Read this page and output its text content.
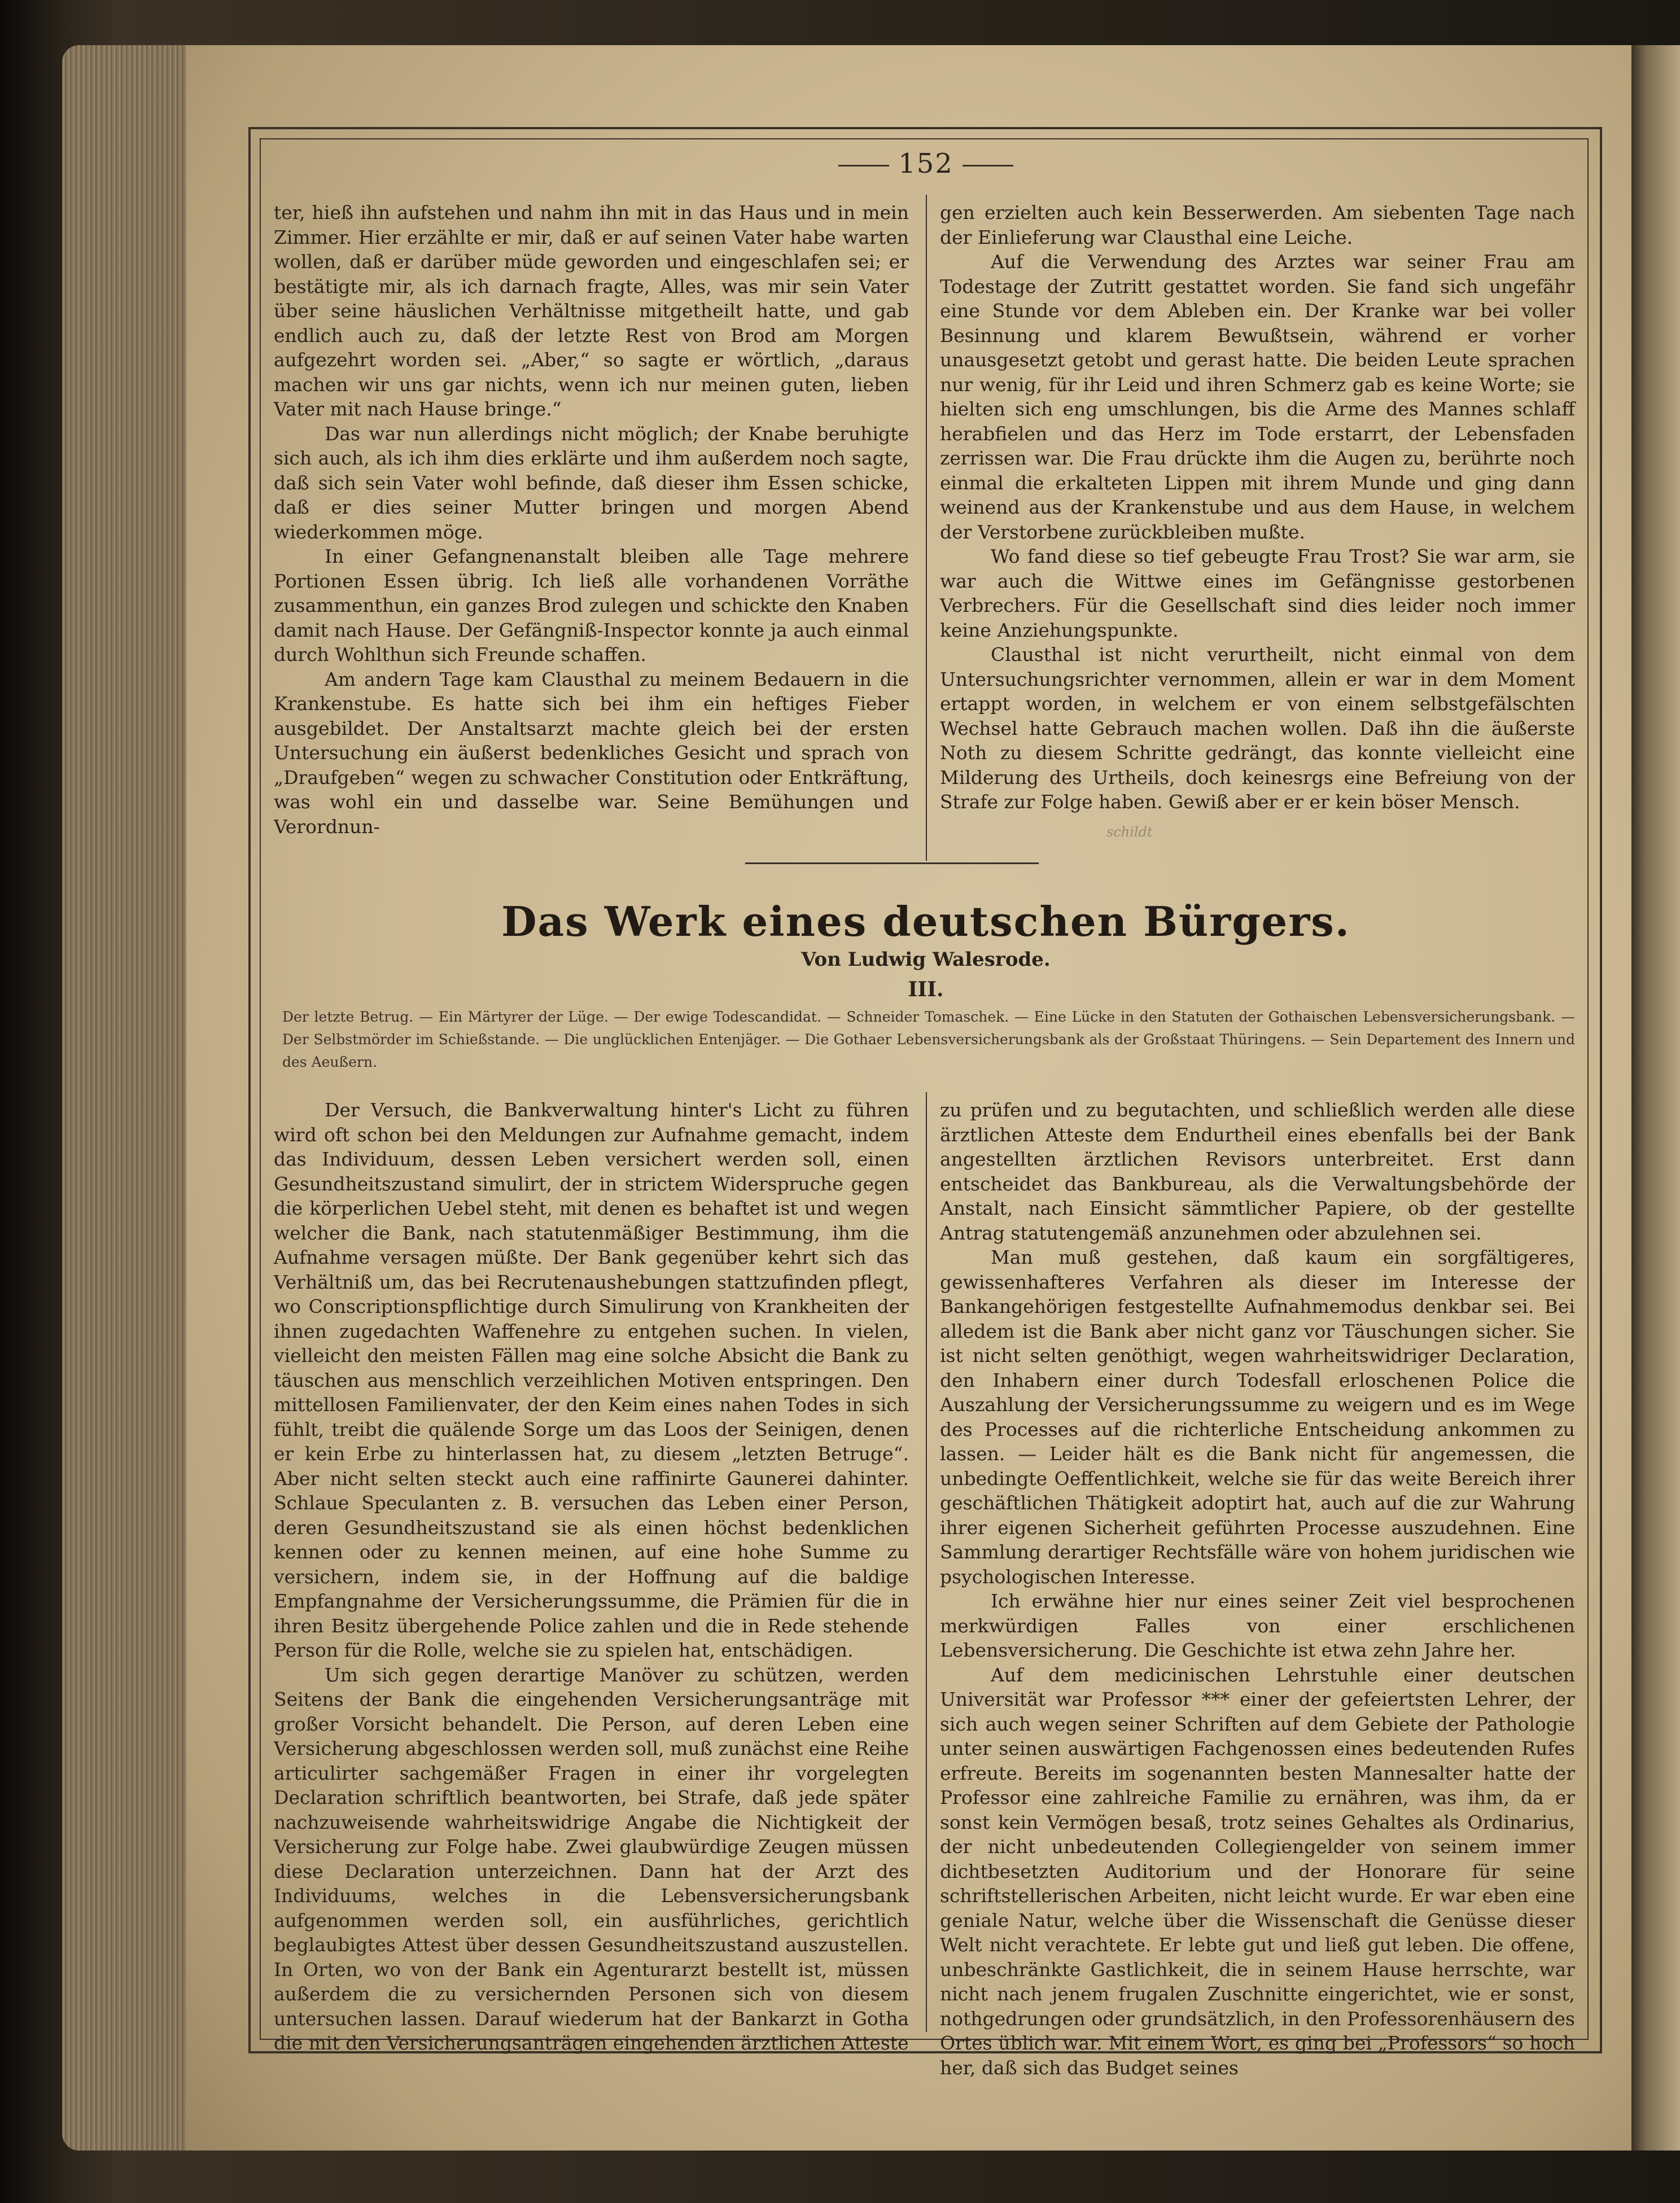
152

ter, hieß ihn aufstehen und nahm ihn mit in das Haus und in mein Zimmer. Hier erzählte er mir, daß er auf seinen Vater habe warten wollen, daß er darüber müde geworden und eingeschlafen sei; er bestätigte mir, als ich darnach fragte, Alles, was mir sein Vater über seine häuslichen Verhältnisse mitgetheilt hatte, und gab endlich auch zu, daß der letzte Rest von Brod am Morgen aufgezehrt worden sei. „Aber,“ so sagte er wörtlich, „daraus machen wir uns gar nichts, wenn ich nur meinen guten, lieben Vater mit nach Hause bringe.“

Das war nun allerdings nicht möglich; der Knabe beruhigte sich auch, als ich ihm dies erklärte und ihm außerdem noch sagte, daß sich sein Vater wohl befinde, daß dieser ihm Essen schicke, daß er dies seiner Mutter bringen und morgen Abend wiederkommen möge.

In einer Gefangnenanstalt bleiben alle Tage mehrere Portionen Essen übrig. Ich ließ alle vorhandenen Vorräthe zusammenthun, ein ganzes Brod zulegen und schickte den Knaben damit nach Hause. Der Gefängniß-Inspector konnte ja auch einmal durch Wohlthun sich Freunde schaffen.

Am andern Tage kam Clausthal zu meinem Bedauern in die Krankenstube. Es hatte sich bei ihm ein heftiges Fieber ausgebildet. Der Anstaltsarzt machte gleich bei der ersten Untersuchung ein äußerst bedenkliches Gesicht und sprach von „Draufgeben“ wegen zu schwacher Constitution oder Entkräftung, was wohl ein und dasselbe war. Seine Bemühungen und Verordnun-

gen erzielten auch kein Besserwerden. Am siebenten Tage nach der Einlieferung war Clausthal eine Leiche.

Auf die Verwendung des Arztes war seiner Frau am Todestage der Zutritt gestattet worden. Sie fand sich ungefähr eine Stunde vor dem Ableben ein. Der Kranke war bei voller Besinnung und klarem Bewußtsein, während er vorher unausgesetzt getobt und gerast hatte. Die beiden Leute sprachen nur wenig, für ihr Leid und ihren Schmerz gab es keine Worte; sie hielten sich eng umschlungen, bis die Arme des Mannes schlaff herabfielen und das Herz im Tode erstarrt, der Lebensfaden zerrissen war. Die Frau drückte ihm die Augen zu, berührte noch einmal die erkalteten Lippen mit ihrem Munde und ging dann weinend aus der Krankenstube und aus dem Hause, in welchem der Verstorbene zurückbleiben mußte.

Wo fand diese so tief gebeugte Frau Trost? Sie war arm, sie war auch die Wittwe eines im Gefängnisse gestorbenen Verbrechers. Für die Gesellschaft sind dies leider noch immer keine Anziehungspunkte.

Clausthal ist nicht verurtheilt, nicht einmal von dem Untersuchungsrichter vernommen, allein er war in dem Moment ertappt worden, in welchem er von einem selbstgefälschten Wechsel hatte Gebrauch machen wollen. Daß ihn die äußerste Noth zu diesem Schritte gedrängt, das konnte vielleicht eine Milderung des Urtheils, doch keinesrgs eine Befreiung von der Strafe zur Folge haben. Gewiß aber er er kein böser Mensch.

schildt
Das Werk eines deutschen Bürgers.
Von Ludwig Walesrode.
III.
Der letzte Betrug. — Ein Märtyrer der Lüge. — Der ewige Todescandidat. — Schneider Tomaschek. — Eine Lücke in den Statuten der Gothaischen Lebensversicherungsbank. — Der Selbstmörder im Schießstande. — Die unglücklichen Entenjäger. — Die Gothaer Lebensversicherungsbank als der Großstaat Thüringens. — Sein Departement des Innern und des Aeußern.

Der Versuch, die Bankverwaltung hinter's Licht zu führen wird oft schon bei den Meldungen zur Aufnahme gemacht, indem das Individuum, dessen Leben versichert werden soll, einen Gesundheitszustand simulirt, der in strictem Widerspruche gegen die körperlichen Uebel steht, mit denen es behaftet ist und wegen welcher die Bank, nach statutenmäßiger Bestimmung, ihm die Aufnahme versagen müßte. Der Bank gegenüber kehrt sich das Verhältniß um, das bei Recrutenaushebungen stattzufinden pflegt, wo Conscriptionspflichtige durch Simulirung von Krankheiten der ihnen zugedachten Waffenehre zu entgehen suchen. In vielen, vielleicht den meisten Fällen mag eine solche Absicht die Bank zu täuschen aus menschlich verzeihlichen Motiven entspringen. Den mittellosen Familienvater, der den Keim eines nahen Todes in sich fühlt, treibt die quälende Sorge um das Loos der Seinigen, denen er kein Erbe zu hinterlassen hat, zu diesem „letzten Betruge“. Aber nicht selten steckt auch eine raffinirte Gaunerei dahinter. Schlaue Speculanten z. B. versuchen das Leben einer Person, deren Gesundheitszustand sie als einen höchst bedenklichen kennen oder zu kennen meinen, auf eine hohe Summe zu versichern, indem sie, in der Hoffnung auf die baldige Empfangnahme der Versicherungssumme, die Prämien für die in ihren Besitz übergehende Police zahlen und die in Rede stehende Person für die Rolle, welche sie zu spielen hat, entschädigen.

Um sich gegen derartige Manöver zu schützen, werden Seitens der Bank die eingehenden Versicherungsanträge mit großer Vorsicht behandelt. Die Person, auf deren Leben eine Versicherung abgeschlossen werden soll, muß zunächst eine Reihe articulirter sachgemäßer Fragen in einer ihr vorgelegten Declaration schriftlich beantworten, bei Strafe, daß jede später nachzuweisende wahrheitswidrige Angabe die Nichtigkeit der Versicherung zur Folge habe. Zwei glaubwürdige Zeugen müssen diese Declaration unterzeichnen. Dann hat der Arzt des Individuums, welches in die Lebensversicherungsbank aufgenommen werden soll, ein ausführliches, gerichtlich beglaubigtes Attest über dessen Gesundheitszustand auszustellen. In Orten, wo von der Bank ein Agenturarzt bestellt ist, müssen außerdem die zu versichernden Personen sich von diesem untersuchen lassen. Darauf wiederum hat der Bankarzt in Gotha die mit den Versicherungsanträgen eingehenden ärztlichen Atteste

zu prüfen und zu begutachten, und schließlich werden alle diese ärztlichen Atteste dem Endurtheil eines ebenfalls bei der Bank angestellten ärztlichen Revisors unterbreitet. Erst dann entscheidet das Bankbureau, als die Verwaltungsbehörde der Anstalt, nach Einsicht sämmtlicher Papiere, ob der gestellte Antrag statutengemäß anzunehmen oder abzulehnen sei.

Man muß gestehen, daß kaum ein sorgfältigeres, gewissenhafteres Verfahren als dieser im Interesse der Bankangehörigen festgestellte Aufnahmemodus denkbar sei. Bei alledem ist die Bank aber nicht ganz vor Täuschungen sicher. Sie ist nicht selten genöthigt, wegen wahrheitswidriger Declaration, den Inhabern einer durch Todesfall erloschenen Police die Auszahlung der Versicherungssumme zu weigern und es im Wege des Processes auf die richterliche Entscheidung ankommen zu lassen. — Leider hält es die Bank nicht für angemessen, die unbedingte Oeffentlichkeit, welche sie für das weite Bereich ihrer geschäftlichen Thätigkeit adoptirt hat, auch auf die zur Wahrung ihrer eigenen Sicherheit geführten Processe auszudehnen. Eine Sammlung derartiger Rechtsfälle wäre von hohem juridischen wie psychologischen Interesse.

Ich erwähne hier nur eines seiner Zeit viel besprochenen merkwürdigen Falles von einer erschlichenen Lebensversicherung. Die Geschichte ist etwa zehn Jahre her.

Auf dem medicinischen Lehrstuhle einer deutschen Universität war Professor *** einer der gefeiertsten Lehrer, der sich auch wegen seiner Schriften auf dem Gebiete der Pathologie unter seinen auswärtigen Fachgenossen eines bedeutenden Rufes erfreute. Bereits im sogenannten besten Mannesalter hatte der Professor eine zahlreiche Familie zu ernähren, was ihm, da er sonst kein Vermögen besaß, trotz seines Gehaltes als Ordinarius, der nicht unbedeutenden Collegiengelder von seinem immer dichtbesetzten Auditorium und der Honorare für seine schriftstellerischen Arbeiten, nicht leicht wurde. Er war eben eine geniale Natur, welche über die Wissenschaft die Genüsse dieser Welt nicht verachtete. Er lebte gut und ließ gut leben. Die offene, unbeschränkte Gastlichkeit, die in seinem Hause herrschte, war nicht nach jenem frugalen Zuschnitte eingerichtet, wie er sonst, nothgedrungen oder grundsätzlich, in den Professorenhäusern des Ortes üblich war. Mit einem Wort, es ging bei „Professors“ so hoch her, daß sich das Budget seines
